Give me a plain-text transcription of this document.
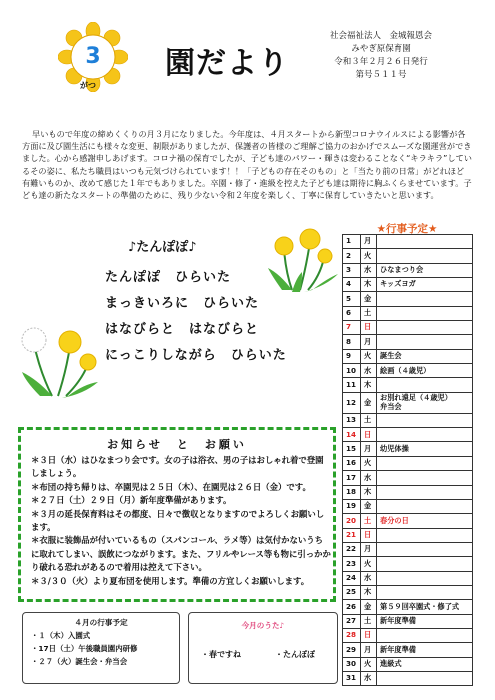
3
がつ
園だより
社会福祉法人　金城報恩会
みやぎ原保育園
令和３年２月２６日発行
第号５１１号
早いもので年度の締めくくりの月３月になりました。今年度は、４月スタートから新型コロナウイルスによる影響が各方面に及び園生活にも様々な変更、制限がありましたが、保護者の皆様のご理解ご協力のおかげでスムーズな園運営ができました。心から感謝申しあげます。コロナ禍の保育でしたが、子ども達のパワー・輝きは変わることなく“キラキラ”しているその姿に、私たち職員はいつも元気づけられています！！「子どもの存在そのもの」と「当たり前の日常」がどれほど有難いものか、改めて感じた１年でもありました。卒園・修了・進級を控えた子ども達は期待に胸ふくらませています。子ども達の新たなスタートの準備のために、残り少ない令和２年度を楽しく、丁寧に保育していきたいと思います。
♪たんぽぽ♪
たんぽぽ　ひらいた
まっきいろに　ひらいた
はなびらと　はなびらと
にっこりしながら　ひらいた
お知らせ　と　お願い
＊３日（水）はひなまつり会です。女の子は浴衣、男の子はおしゃれ着で登園しましょう。
＊布団の持ち帰りは、卒園児は２５日（木）、在園児は２６日（金）です。
＊２７日（土）２９日（月）新年度準備があります。
＊３月の延長保育料はその都度、日々で徴収となりますのでよろしくお願いします。
＊衣服に装飾品が付いているもの（スパンコール、ラメ等）は気付かないうちに取れてしまい、誤飲につながります。また、フリルやレース等も物に引っかかり破れる恐れがあるので着用は控えて下さい。
＊３/３０（火）より夏布団を使用します。準備の方宜しくお願いします。
４月の行事予定
・１（木）入園式
・17日（土）午後職員園内研修
・２７（火）誕生会・弁当会
今月のうた♪
・春ですね	・たんぽぽ
★行事予定★
1	月	
2	火	
3	水	ひなまつり会
4	木	キッズヨガ
5	金	
6	土	
7	日	
8	月	
9	火	誕生会
10	水	絵画（４歳児）
11	木	
12	金	お別れ遠足（４歳児）
弁当会
13	土	
14	日	
15	月	幼児体操
16	火	
17	水	
18	木	
19	金	
20	土	春分の日
21	日	
22	月	
23	火	
24	水	
25	木	
26	金	第５９回卒園式・修了式
27	土	新年度準備
28	日	
29	月	新年度準備
30	火	進級式
31	水	
